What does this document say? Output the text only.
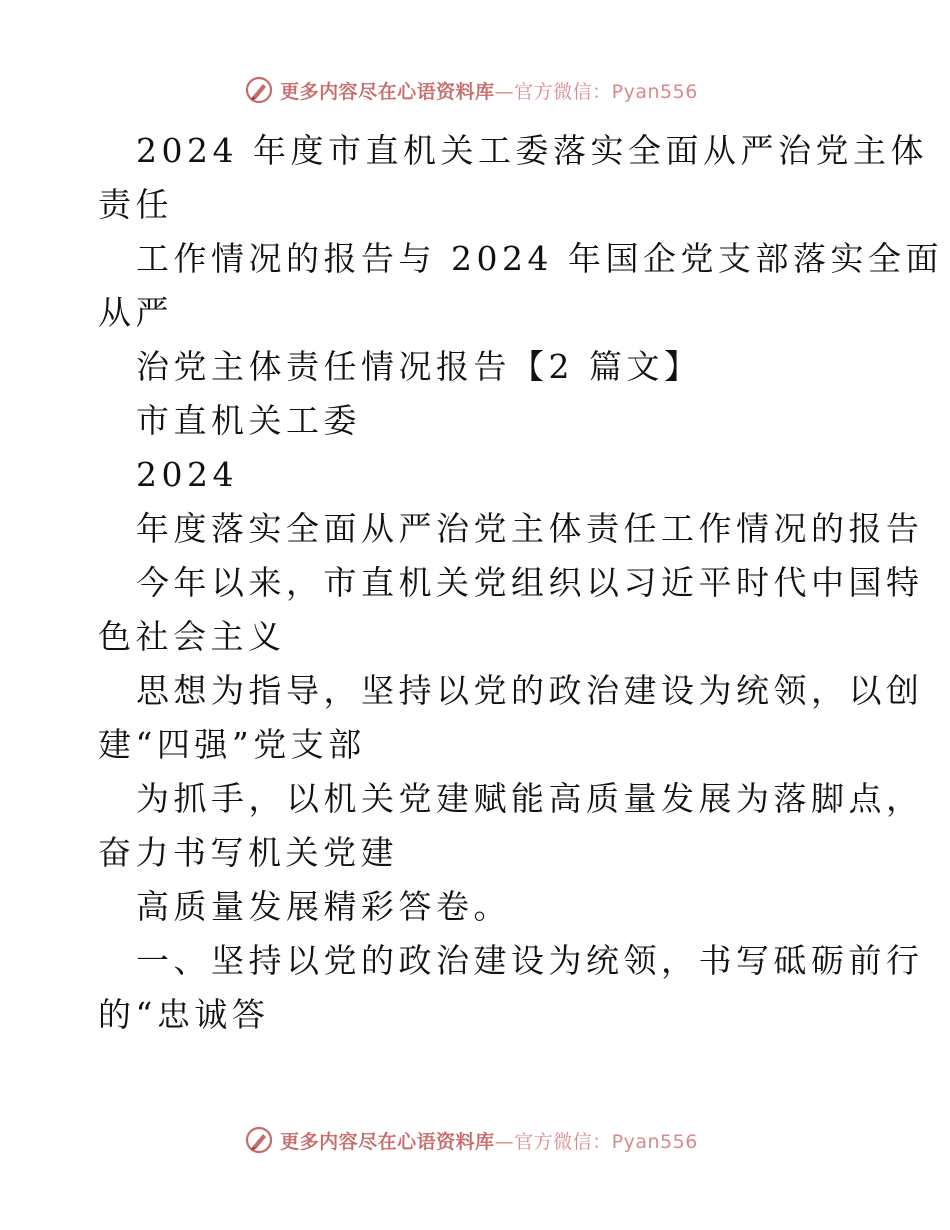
更多内容尽在心语资料库—官方微信：Pyan556
2024 年度市直机关工委落实全面从严治党主体
责任
工作情况的报告与 2024 年国企党支部落实全面
从严
治党主体责任情况报告【2 篇文】
市直机关工委
2024
年度落实全面从严治党主体责任工作情况的报告
今年以来，市直机关党组织以习近平时代中国特
色社会主义
思想为指导，坚持以党的政治建设为统领，以创
建“四强”党支部
为抓手，以机关党建赋能高质量发展为落脚点，
奋力书写机关党建
高质量发展精彩答卷。
一、坚持以党的政治建设为统领，书写砥砺前行
的“忠诚答
更多内容尽在心语资料库—官方微信：Pyan556
